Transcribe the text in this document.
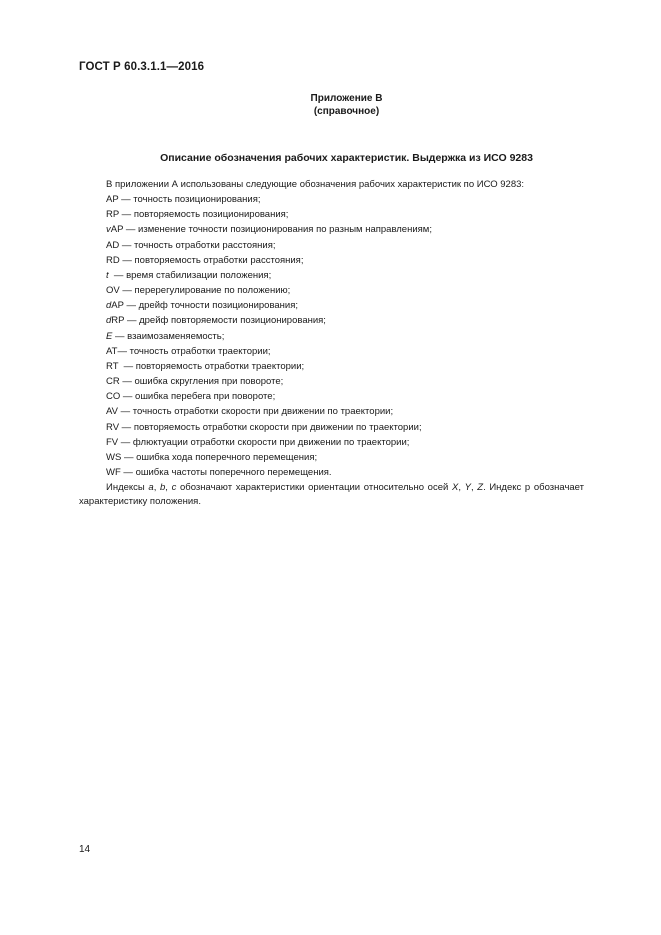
ГОСТ Р 60.3.1.1—2016
Приложение В
(справочное)
Описание обозначения рабочих характеристик. Выдержка из ИСО 9283

В приложении А использованы следующие обозначения рабочих характеристик по ИСО 9283:

AP — точность позиционирования;

RP — повторяемость позиционирования;

vAP — изменение точности позиционирования по разным направлениям;

AD — точность отработки расстояния;

RD — повторяемость отработки расстояния;

t  — время стабилизации положения;

OV — перерегулирование по положению;

dAP — дрейф точности позиционирования;

dRP — дрейф повторяемости позиционирования;

E — взаимозаменяемость;

AT— точность отработки траектории;

RT  — повторяемость отработки траектории;

CR — ошибка скругления при повороте;

CO — ошибка перебега при повороте;

AV — точность отработки скорости при движении по траектории;

RV — повторяемость отработки скорости при движении по траектории;

FV — флюктуации отработки скорости при движении по траектории;

WS — ошибка хода поперечного перемещения;

WF — ошибка частоты поперечного перемещения.

Индексы a, b, c обозначают характеристики ориентации относительно осей X, Y, Z. Индекс р обозначает характеристику положения.

14
